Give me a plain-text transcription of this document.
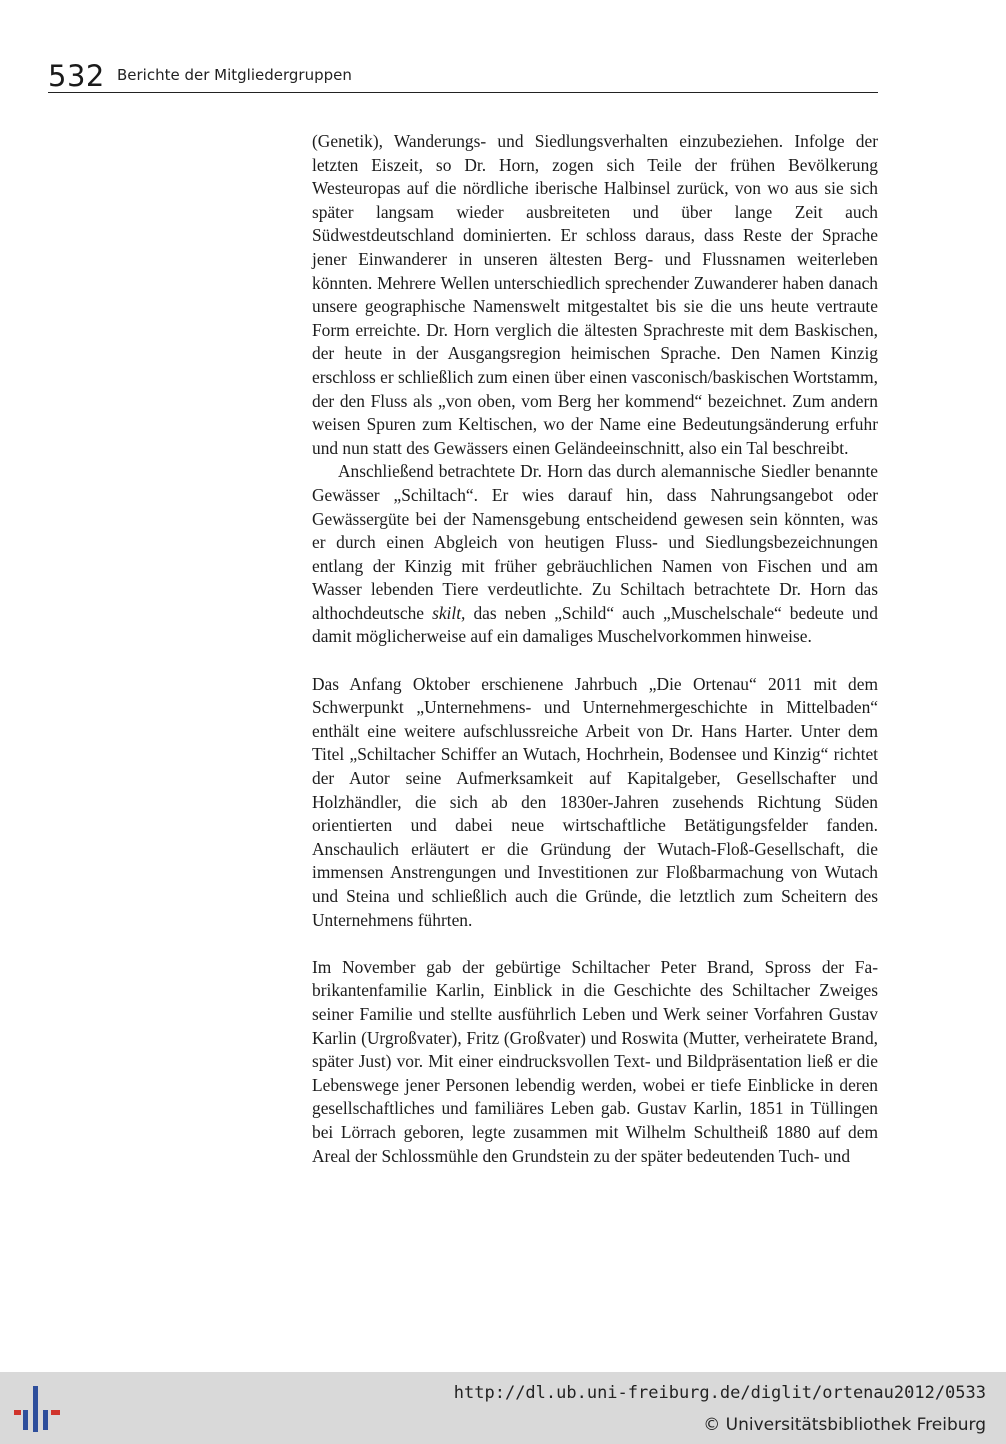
532 Berichte der Mitgliedergruppen

(Genetik), Wanderungs- und Siedlungsverhalten einzubeziehen. Infolge der letzten Eiszeit, so Dr. Horn, zogen sich Teile der frühen Bevölkerung Westeuropas auf die nördliche iberische Halbinsel zurück, von wo aus sie sich später langsam wieder ausbreiteten und über lange Zeit auch Südwestdeutschland dominierten. Er schloss daraus, dass Reste der Sprache jener Einwanderer in unseren ältesten Berg- und Flussnamen weiterleben könnten. Mehrere Wellen unterschiedlich sprechender Zuwanderer haben danach unsere geographische Namenswelt mitgestaltet bis sie die uns heute vertraute Form erreichte. Dr. Horn verglich die ältesten Sprachreste mit dem Baskischen, der heute in der Ausgangsregion heimischen Sprache. Den Namen Kinzig erschloss er schließlich zum einen über einen vasconisch/baskischen Wortstamm, der den Fluss als „von oben, vom Berg her kommend“ bezeichnet. Zum andern weisen Spuren zum Keltischen, wo der Name eine Bedeutungsänderung erfuhr und nun statt des Gewässers einen Geländeeinschnitt, also ein Tal beschreibt.

Anschließend betrachtete Dr. Horn das durch alemannische Siedler benannte Gewässer „Schiltach“. Er wies darauf hin, dass Nahrungsangebot oder Gewässergüte bei der Namensgebung entscheidend gewesen sein könnten, was er durch einen Abgleich von heutigen Fluss- und Siedlungsbezeichnungen entlang der Kinzig mit früher gebräuchlichen Namen von Fischen und am Wasser lebenden Tiere verdeutlichte. Zu Schiltach betrachtete Dr. Horn das althochdeutsche skilt, das neben „Schild“ auch „Muschelschale“ bedeute und damit möglicherweise auf ein damaliges Muschelvorkommen hinweise.

Das Anfang Oktober erschienene Jahrbuch „Die Ortenau“ 2011 mit dem Schwerpunkt „Unternehmens- und Unternehmergeschichte in Mittelbaden“ enthält eine weitere aufschlussreiche Arbeit von Dr. Hans Harter. Unter dem Titel „Schiltacher Schiffer an Wutach, Hochrhein, Bodensee und Kinzig“ richtet der Autor seine Aufmerksamkeit auf Kapitalgeber, Gesellschafter und Holzhändler, die sich ab den 1830er-Jahren zusehends Richtung Süden orientierten und dabei neue wirtschaftliche Betätigungsfelder fanden. Anschaulich erläutert er die Gründung der Wutach-Floß-Gesellschaft, die immensen Anstrengungen und Investitionen zur Floßbarmachung von Wutach und Steina und schließlich auch die Gründe, die letztlich zum Scheitern des Unternehmens führten.

Im November gab der gebürtige Schiltacher Peter Brand, Spross der Fabrikantenfamilie Karlin, Einblick in die Geschichte des Schiltacher Zweiges seiner Familie und stellte ausführlich Leben und Werk seiner Vorfahren Gustav Karlin (Urgroßvater), Fritz (Großvater) und Roswita (Mutter, verheiratete Brand, später Just) vor. Mit einer eindrucksvollen Text- und Bildpräsentation ließ er die Lebenswege jener Personen lebendig werden, wobei er tiefe Einblicke in deren gesellschaftliches und familiäres Leben gab. Gustav Karlin, 1851 in Tüllingen bei Lörrach geboren, legte zusammen mit Wilhelm Schultheiß 1880 auf dem Areal der Schlossmühle den Grundstein zu der später bedeutenden Tuch- und

http://dl.ub.uni-freiburg.de/diglit/ortenau2012/0533
© Universitätsbibliothek Freiburg
